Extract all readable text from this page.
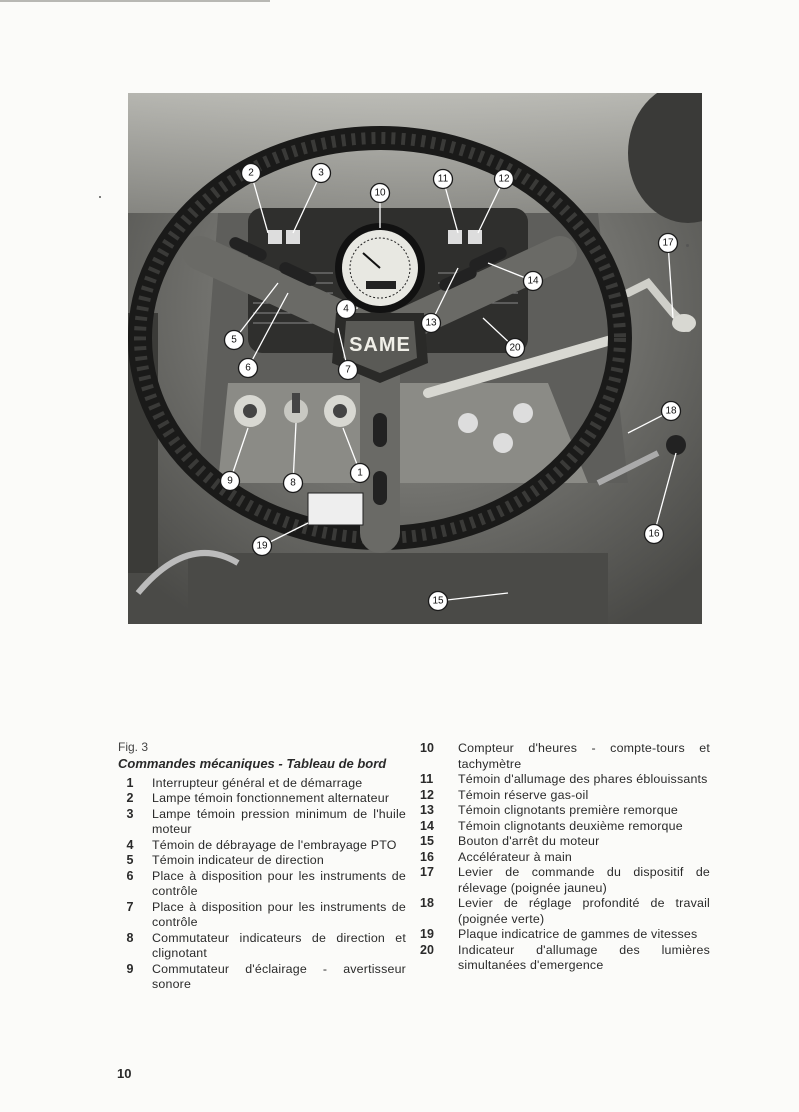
SAME
1
2	3
4
5
6	7
8
9
10
11	12
13
14
15
16
17
18
19
20
Fig. 3
Commandes mécaniques - Tableau de bord
1	Interrupteur général et de démarrage
2	Lampe témoin fonctionnement alternateur
3	Lampe témoin pression minimum de l'huile moteur
4	Témoin de débrayage de l'embrayage PTO
5	Témoin indicateur de direction
6	Place à disposition pour les instruments de contrôle
7	Place à disposition pour les instruments de contrôle
8	Commutateur indicateurs de direction et clignotant
9	Commutateur d'éclairage - avertisseur sonore
10	Compteur d'heures - compte-tours et tachymètre
11	Témoin d'allumage des phares éblouissants
12	Témoin réserve gas-oil
13	Témoin clignotants première remorque
14	Témoin clignotants deuxième remorque
15	Bouton d'arrêt du moteur
16	Accélérateur à main
17	Levier de commande du dispositif de rélevage (poignée jauneu)
18	Levier de réglage profondité de travail (poignée verte)
19	Plaque indicatrice de gammes de vitesses
20	Indicateur d'allumage des lumières simultanées d'emergence
10
